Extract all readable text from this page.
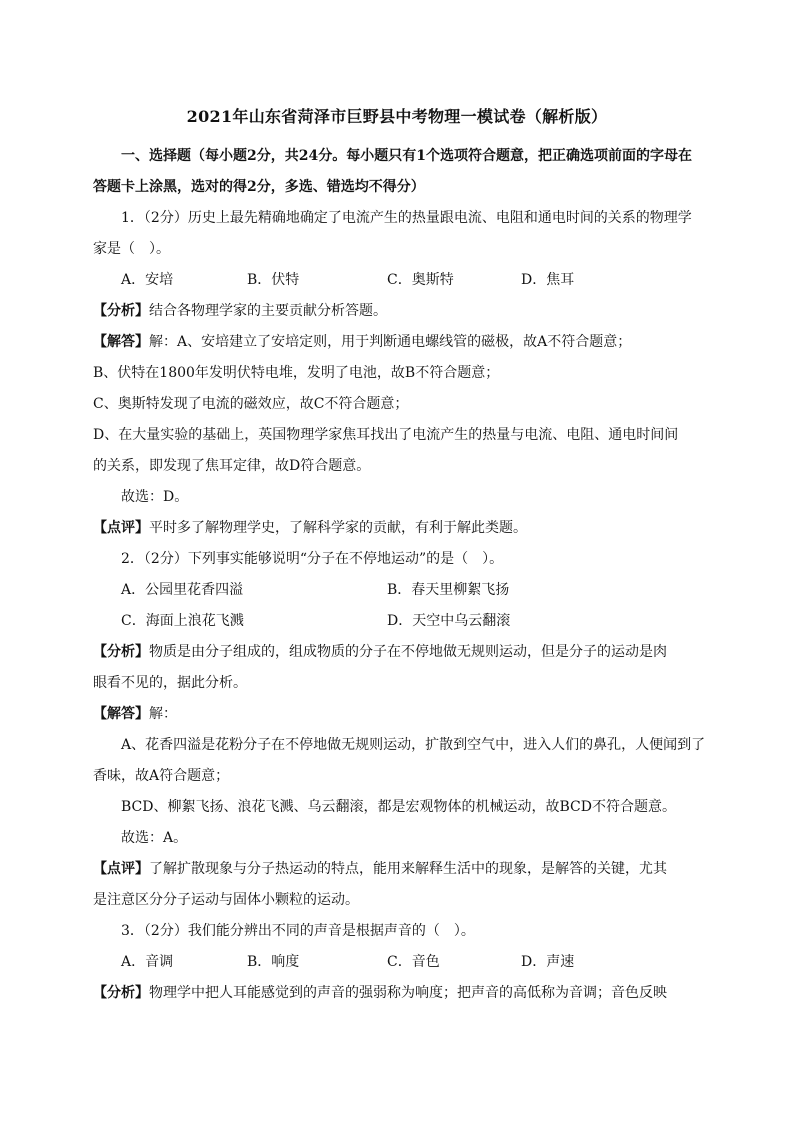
2021年山东省菏泽市巨野县中考物理一模试卷（解析版）
一、选择题（每小题2分，共24分。每小题只有1个选项符合题意，把正确选项前面的字母在
答题卡上涂黑，选对的得2分，多选、错选均不得分）
1．（2分）历史上最先精确地确定了电流产生的热量跟电流、电阻和通电时间的关系的物理学
家是（　）。
A．安培	B．伏特	C．奥斯特	D．焦耳
【分析】结合各物理学家的主要贡献分析答题。
【解答】解：A、安培建立了安培定则，用于判断通电螺线管的磁极，故A不符合题意；
B、伏特在1800年发明伏特电堆，发明了电池，故B不符合题意；
C、奥斯特发现了电流的磁效应，故C不符合题意；
D、在大量实验的基础上，英国物理学家焦耳找出了电流产生的热量与电流、电阻、通电时间间
的关系，即发现了焦耳定律，故D符合题意。
故选：D。
【点评】平时多了解物理学史，了解科学家的贡献，有利于解此类题。
2．（2分）下列事实能够说明“分子在不停地运动”的是（　）。
A．公园里花香四溢	B．春天里柳絮飞扬
C．海面上浪花飞溅	D．天空中乌云翻滚
【分析】物质是由分子组成的，组成物质的分子在不停地做无规则运动，但是分子的运动是肉
眼看不见的，据此分析。
【解答】解：
A、花香四溢是花粉分子在不停地做无规则运动，扩散到空气中，进入人们的鼻孔，人便闻到了
香味，故A符合题意；
BCD、柳絮飞扬、浪花飞溅、乌云翻滚，都是宏观物体的机械运动，故BCD不符合题意。
故选：A。
【点评】了解扩散现象与分子热运动的特点，能用来解释生活中的现象，是解答的关键，尤其
是注意区分分子运动与固体小颗粒的运动。
3．（2分）我们能分辨出不同的声音是根据声音的（　）。
A．音调	B．响度	C．音色	D．声速
【分析】物理学中把人耳能感觉到的声音的强弱称为响度；把声音的高低称为音调；音色反映
